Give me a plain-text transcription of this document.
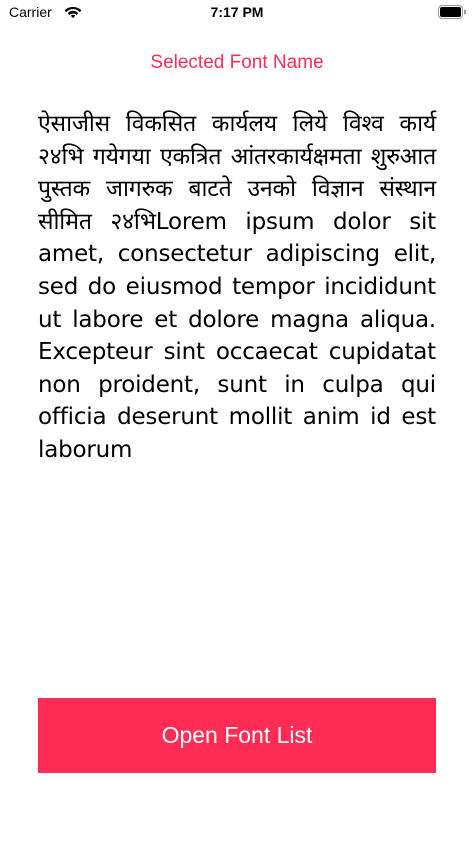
Carrier	7:17 PM
Selected Font Name
ऐसाजीस विकसित कार्यलय लिये विश्व कार्य २४भि गयेगया एकत्रित आंतरकार्यक्षमता शुरुआत पुस्तक जागरुक बाटते उनको विज्ञान संस्थान सीमित २४भिLorem ipsum dolor sit amet, consectetur adipiscing elit, sed do eiusmod tempor incididunt ut labore et dolore magna aliqua. Excepteur sint occaecat cupidatat non proident, sunt in culpa qui officia deserunt mollit anim id est laborum
Open Font List
